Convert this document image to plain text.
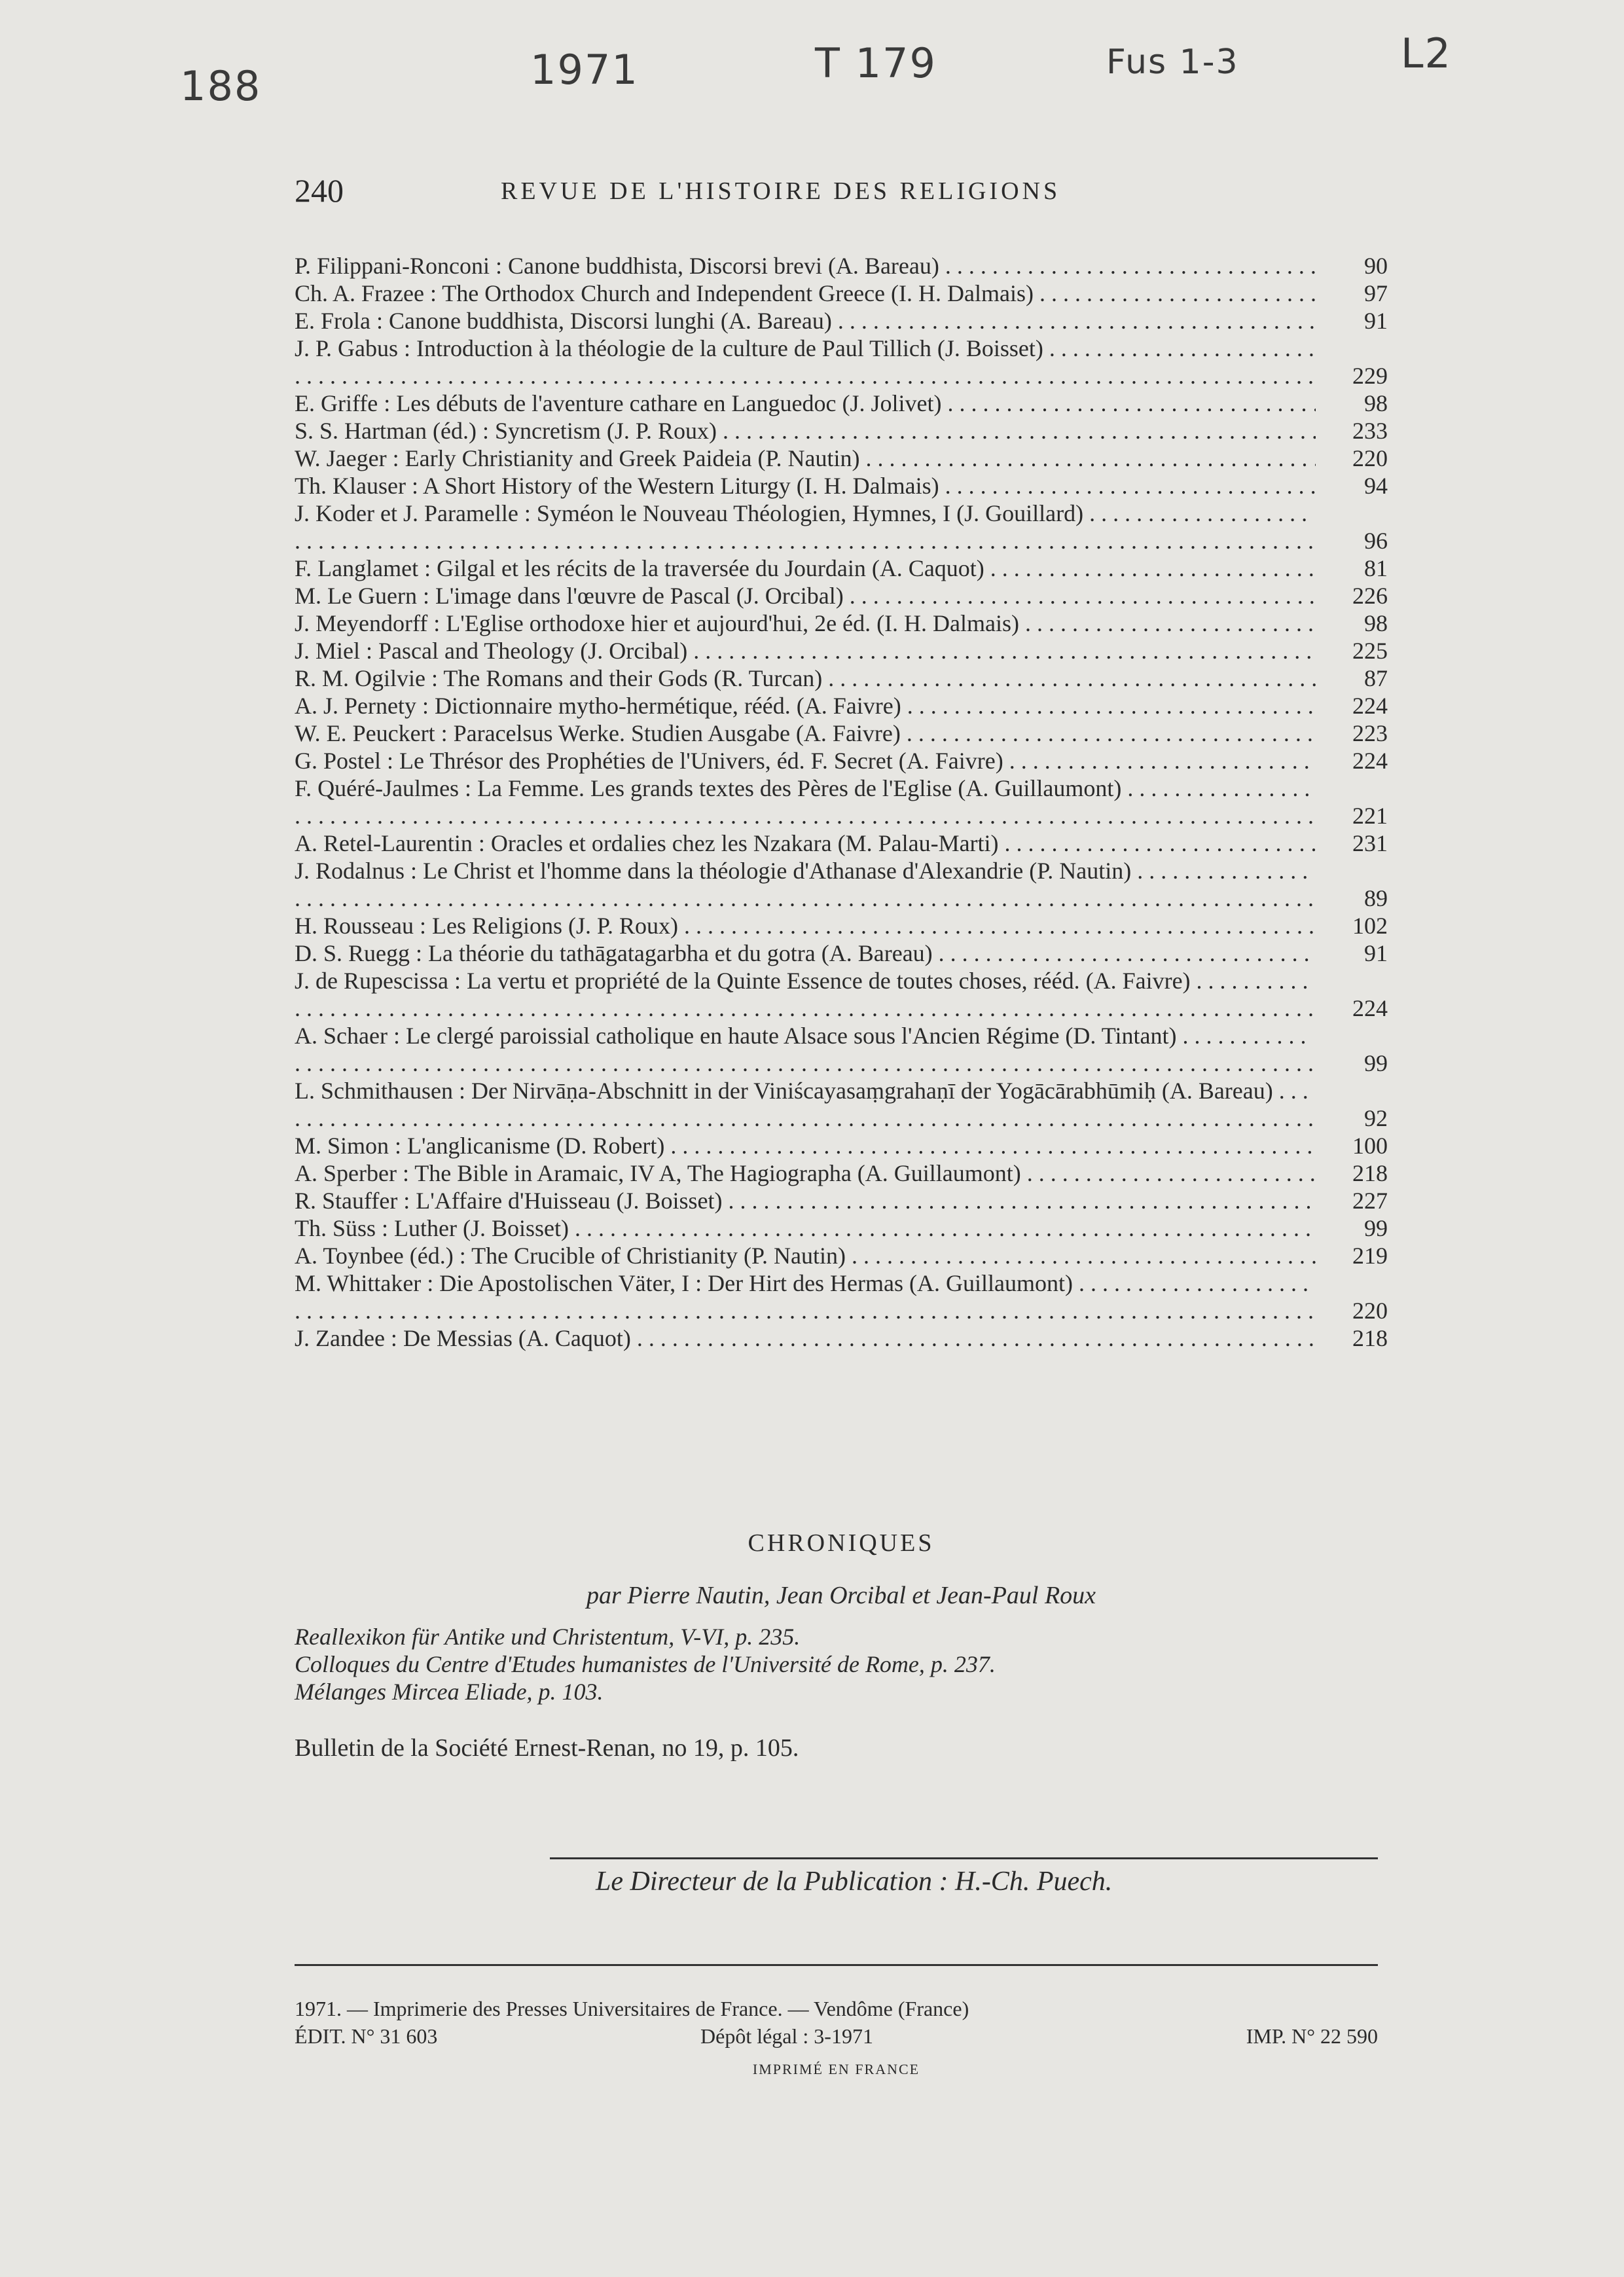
188	1971	T 179	Fus 1-3	L2
240	REVUE DE L'HISTOIRE DES RELIGIONS
P. Filippani-Ronconi : Canone buddhista, Discorsi brevi (A. Bareau) . . .	90
Ch. A. Frazee : The Orthodox Church and Independent Greece (I. H. Dalmais) . . .	97
E. Frola : Canone buddhista, Discorsi lunghi (A. Bareau) . . .	91
J. P. Gabus : Introduction à la théologie de la culture de Paul Tillich (J. Boisset) . . .
229
E. Griffe : Les débuts de l'aventure cathare en Languedoc (J. Jolivet) . . .	98
S. S. Hartman (éd.) : Syncretism (J. P. Roux) . . .	233
W. Jaeger : Early Christianity and Greek Paideia (P. Nautin) . . .	220
Th. Klauser : A Short History of the Western Liturgy (I. H. Dalmais) . . .	94
J. Koder et J. Paramelle : Syméon le Nouveau Théologien, Hymnes, I (J. Gouillard) . . .
96
F. Langlamet : Gilgal et les récits de la traversée du Jourdain (A. Caquot) . . .	81
M. Le Guern : L'image dans l'œuvre de Pascal (J. Orcibal) . . .	226
J. Meyendorff : L'Eglise orthodoxe hier et aujourd'hui, 2e éd. (I. H. Dalmais) . . .	98
J. Miel : Pascal and Theology (J. Orcibal) . . .	225
R. M. Ogilvie : The Romans and their Gods (R. Turcan) . . .	87
A. J. Pernety : Dictionnaire mytho-hermétique, rééd. (A. Faivre) . . .	224
W. E. Peuckert : Paracelsus Werke. Studien Ausgabe (A. Faivre) . . .	223
G. Postel : Le Thrésor des Prophéties de l'Univers, éd. F. Secret (A. Faivre) . . .	224
F. Quéré-Jaulmes : La Femme. Les grands textes des Pères de l'Eglise (A. Guillaumont) . . .
221
A. Retel-Laurentin : Oracles et ordalies chez les Nzakara (M. Palau-Marti) . . .	231
J. Rodalnus : Le Christ et l'homme dans la théologie d'Athanase d'Alexandrie (P. Nautin) . . .
89
H. Rousseau : Les Religions (J. P. Roux) . . .	102
D. S. Ruegg : La théorie du tathāgatagarbha et du gotra (A. Bareau) . . .	91
J. de Rupescissa : La vertu et propriété de la Quinte Essence de toutes choses, rééd. (A. Faivre) . . .
224
A. Schaer : Le clergé paroissial catholique en haute Alsace sous l'Ancien Régime (D. Tintant) . . .
99
L. Schmithausen : Der Nirvāṇa-Abschnitt in der Viniścayasaṃgrahaṇī der Yogācārabhūmiḥ (A. Bareau) . . .
92
M. Simon : L'anglicanisme (D. Robert) . . .	100
A. Sperber : The Bible in Aramaic, IV A, The Hagiographa (A. Guillaumont) . . .	218
R. Stauffer : L'Affaire d'Huisseau (J. Boisset) . . .	227
Th. Süss : Luther (J. Boisset) . . .	99
A. Toynbee (éd.) : The Crucible of Christianity (P. Nautin) . . .	219
M. Whittaker : Die Apostolischen Väter, I : Der Hirt des Hermas (A. Guillaumont) . . .
220
J. Zandee : De Messias (A. Caquot) . . .	218
CHRONIQUES
par Pierre Nautin, Jean Orcibal et Jean-Paul Roux
Reallexikon für Antike und Christentum, V-VI, p. 235.
Colloques du Centre d'Etudes humanistes de l'Université de Rome, p. 237.
Mélanges Mircea Eliade, p. 103.
Bulletin de la Société Ernest-Renan, no 19, p. 105.
Le Directeur de la Publication : H.-Ch. Puech.
1971. — Imprimerie des Presses Universitaires de France. — Vendôme (France)
ÉDIT. N° 31 603	Dépôt légal : 3-1971	IMP. N° 22 590
IMPRIMÉ EN FRANCE
